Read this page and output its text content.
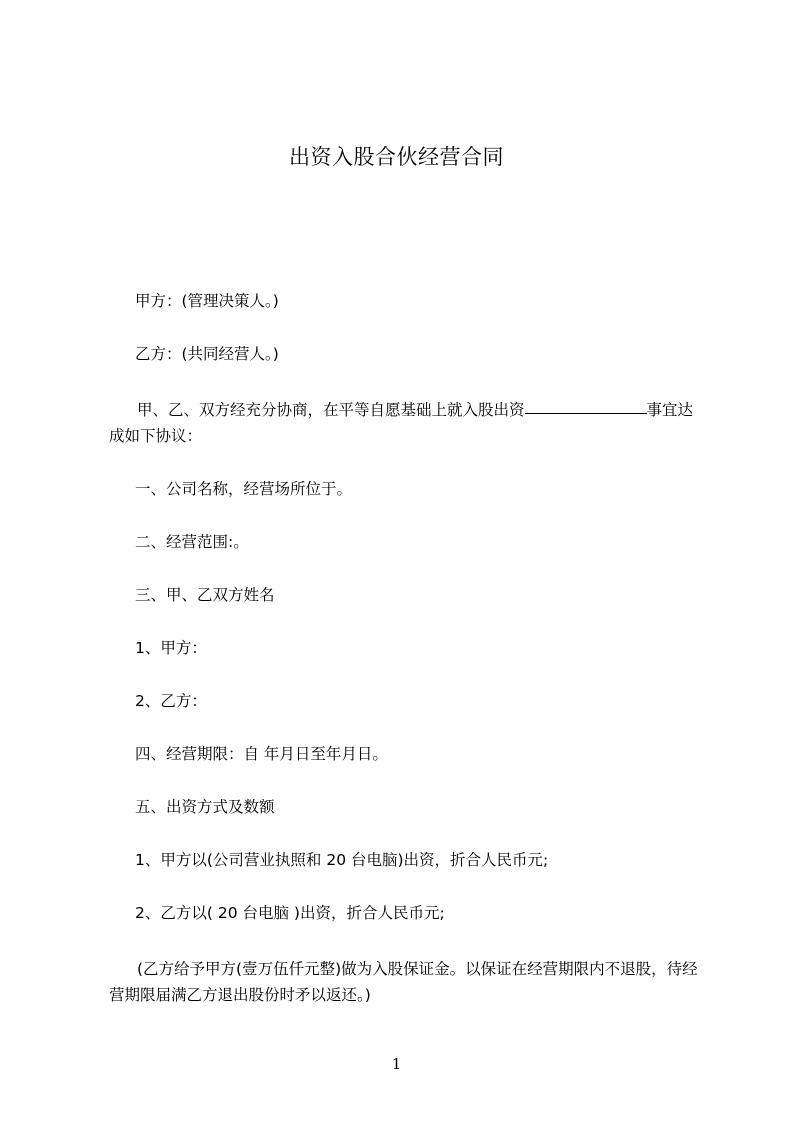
出资入股合伙经营合同
甲方：(管理决策人。)
乙方：(共同经营人。)
甲、乙、双方经充分协商，在平等自愿基础上就入股出资	事宜达成如下协议：
一、公司名称，经营场所位于。
二、经营范围:。
三、甲、乙双方姓名
1、甲方：
2、乙方：
四、经营期限：自 年月日至年月日。
五、出资方式及数额
1、甲方以(公司营业执照和 20 台电脑)出资，折合人民币元;
2、乙方以( 20 台电脑 )出资，折合人民币元;
(乙方给予甲方(壹万伍仟元整)做为入股保证金。以保证在经营期限内不退股，待经营期限届满乙方退出股份时矛以返还。)
1
